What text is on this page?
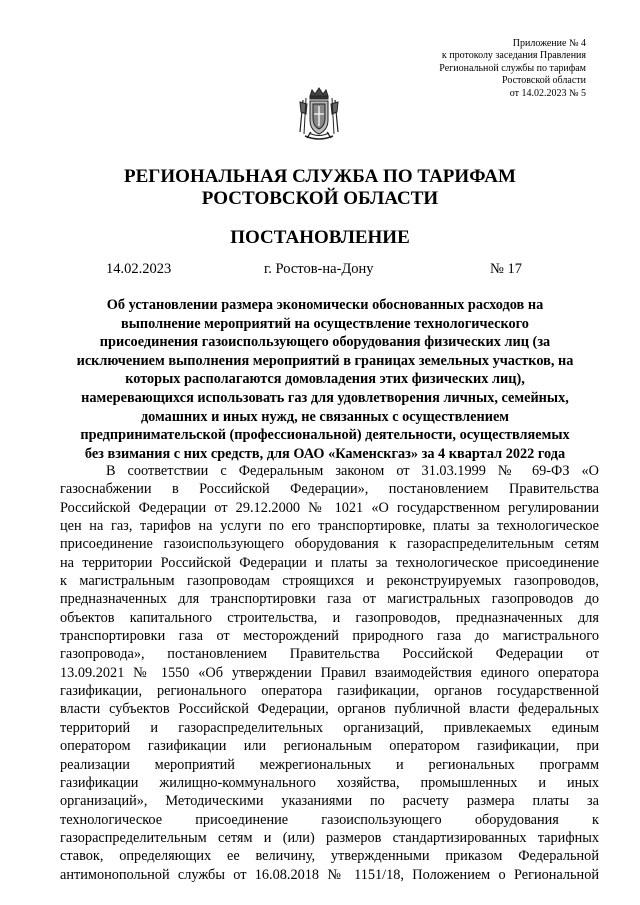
Приложение № 4
к протоколу заседания Правления
Региональной службы по тарифам
Ростовской области
от 14.02.2023 № 5
РЕГИОНАЛЬНАЯ СЛУЖБА ПО ТАРИФАМ
РОСТОВСКОЙ ОБЛАСТИ
ПОСТАНОВЛЕНИЕ
14.02.2023	г. Ростов-на-Дону	№ 17
Об установлении размера экономически обоснованных расходов на
выполнение мероприятий на осуществление технологического
присоединения газоиспользующего оборудования физических лиц (за
исключением выполнения мероприятий в границах земельных участков, на
которых располагаются домовладения этих физических лиц),
намеревающихся использовать газ для удовлетворения личных, семейных,
домашних и иных нужд, не связанных с осуществлением
предпринимательской (профессиональной) деятельности, осуществляемых
без взимания с них средств, для ОАО «Каменскгаз» за 4 квартал 2022 года
В соответствии с Федеральным законом от 31.03.1999 № 69-ФЗ «О
газоснабжении в Российской Федерации», постановлением Правительства
Российской Федерации от 29.12.2000 № 1021 «О государственном регулировании
цен на газ, тарифов на услуги по его транспортировке, платы за технологическое
присоединение газоиспользующего оборудования к газораспределительным сетям
на территории Российской Федерации и платы за технологическое присоединение
к магистральным газопроводам строящихся и реконструируемых газопроводов,
предназначенных для транспортировки газа от магистральных газопроводов до
объектов капитального строительства, и газопроводов, предназначенных для
транспортировки газа от месторождений природного газа до магистрального
газопровода», постановлением Правительства Российской Федерации от
13.09.2021 № 1550 «Об утверждении Правил взаимодействия единого оператора
газификации, регионального оператора газификации, органов государственной
власти субъектов Российской Федерации, органов публичной власти федеральных
территорий и газораспределительных организаций, привлекаемых единым
оператором газификации или региональным оператором газификации, при
реализации мероприятий межрегиональных и региональных программ
газификации жилищно-коммунального хозяйства, промышленных и иных
организаций», Методическими указаниями по расчету размера платы за
технологическое присоединение газоиспользующего оборудования к
газораспределительным сетям и (или) размеров стандартизированных тарифных
ставок, определяющих ее величину, утвержденными приказом Федеральной
антимонопольной службы от 16.08.2018 № 1151/18, Положением о Региональной
